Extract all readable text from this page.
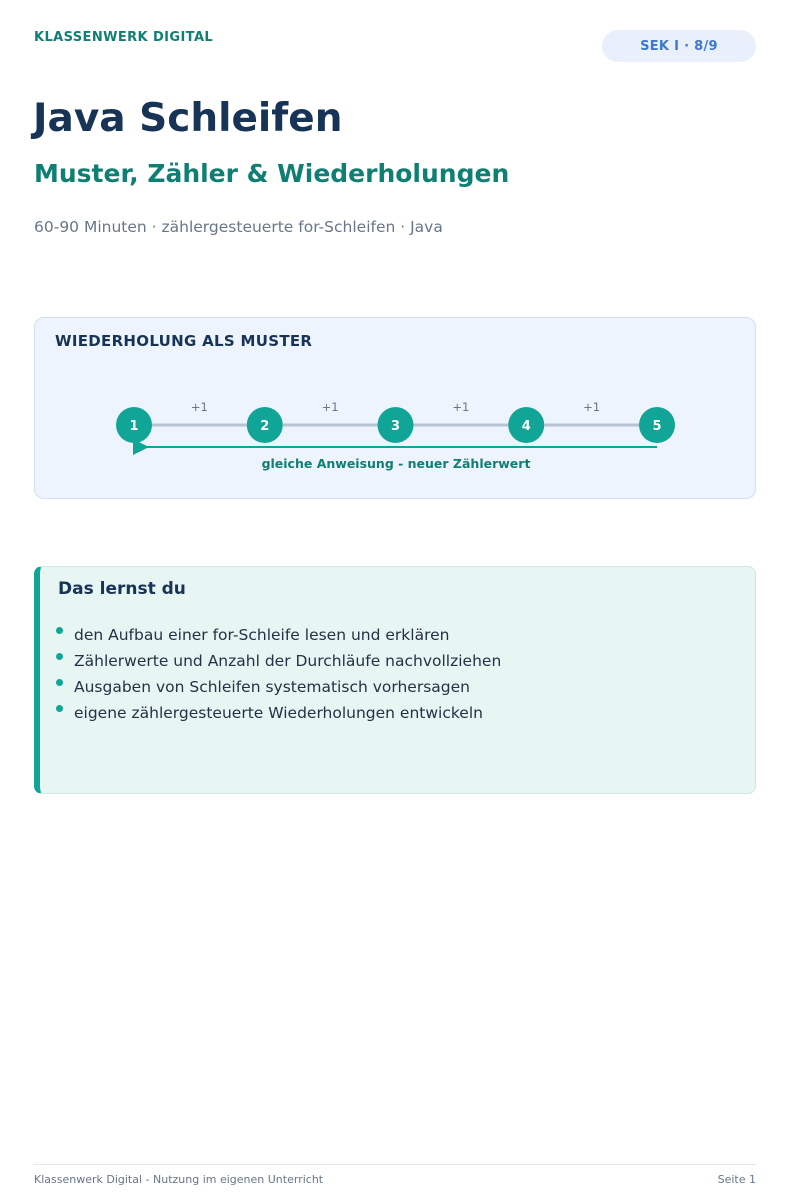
KLASSENWERK DIGITAL
SEK I · 8/9
Java Schleifen
Muster, Zähler & Wiederholungen
60-90 Minuten · zählergesteuerte for-Schleifen · Java
WIEDERHOLUNG ALS MUSTER
1	2	3	4	5
+1	+1	+1	+1
gleiche Anweisung - neuer Zählerwert
Das lernst du
den Aufbau einer for-Schleife lesen und erklären
Zählerwerte und Anzahl der Durchläufe nachvollziehen
Ausgaben von Schleifen systematisch vorhersagen
eigene zählergesteuerte Wiederholungen entwickeln
Klassenwerk Digital - Nutzung im eigenen Unterricht	Seite 1
